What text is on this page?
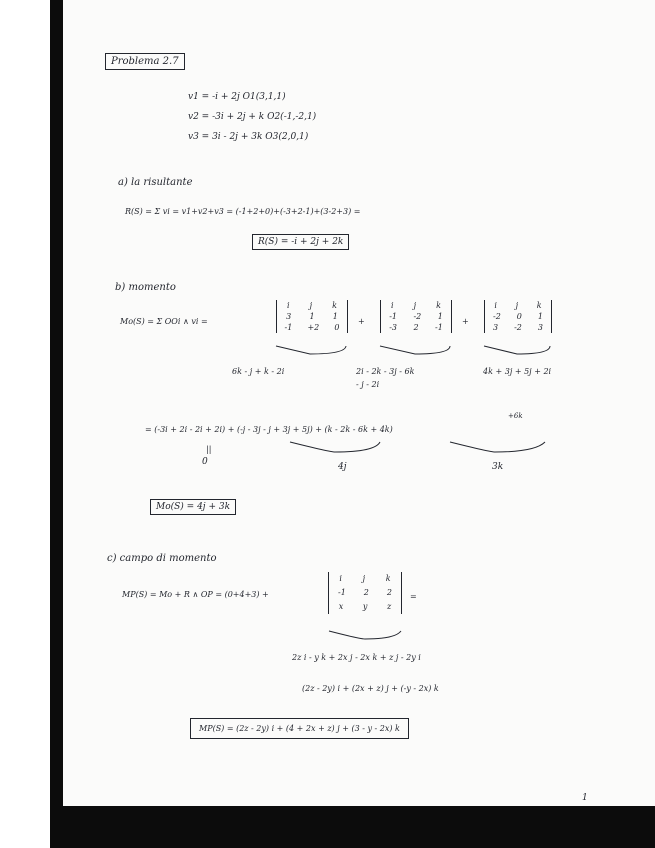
Problema 2.7
v1 = -i + 2j O1(3,1,1)
v2 = -3i + 2j + k O2(-1,-2,1)
v3 = 3i - 2j + 3k O3(2,0,1)
a) la risultante
R(S) = Σ vi = v1+v2+v3 = (-1+2+0)+(-3+2-1)+(3-2+3) =
R(S) = -i + 2j + 2k
b) momento
Mo(S) = Σ OOi ∧ vi =
i	j	k
3 1 1
-1 +2 0
+
i	j	k
-1 -2 1
-3 2 -1
+
i j k
-2 0 1
3 -2 3
6k - j + k - 2i	2i - 2k - 3j - 6k
- j - 2i
4k + 3j + 5j + 2i
+6k
= (-3i + 2i - 2i + 2i) + (-j - 3j - j + 3j + 5j) + (k - 2k - 6k + 4k)
||
0	4j	3k
Mo(S) = 4j + 3k
c) campo di momento
MP(S) = Mo + R ∧ OP = (0+4+3) +
i	j	k
-1 2 2
x y z
=
2z i - y k + 2x j - 2x k + z j - 2y i
(2z - 2y) i + (2x + z) j + (-y - 2x) k
MP(S) = (2z - 2y) i + (4 + 2x + z) j + (3 - y - 2x) k
1
